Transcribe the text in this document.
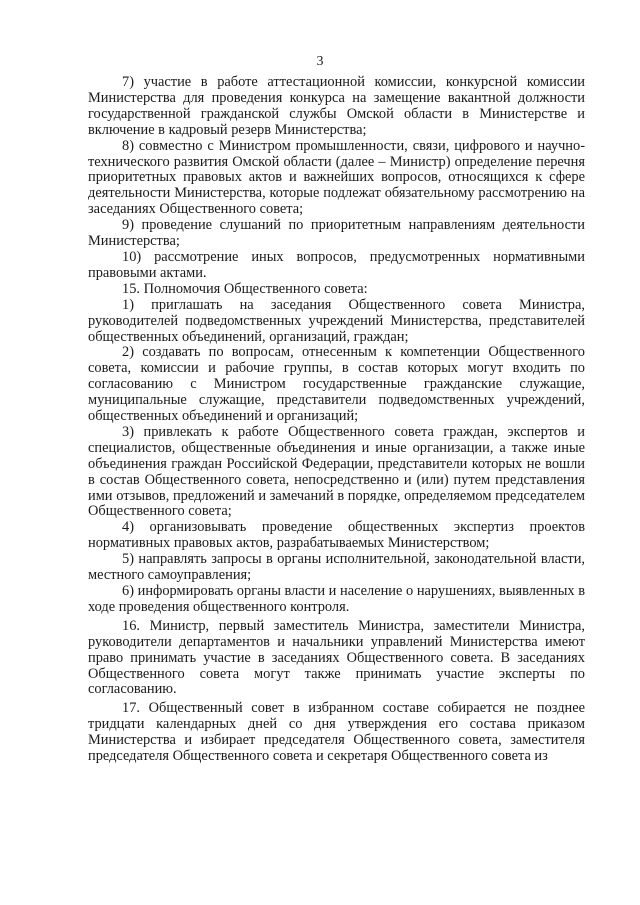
3

7) участие в работе аттестационной комиссии, конкурсной комиссии Министерства для проведения конкурса на замещение вакантной должности государственной гражданской службы Омской области в Министерстве и включение в кадровый резерв Министерства;

8) совместно с Министром промышленности, связи, цифрового и научно-технического развития Омской области (далее – Министр) определение перечня приоритетных правовых актов и важнейших вопросов, относящихся к сфере деятельности Министерства, которые подлежат обязательному рассмотрению на заседаниях Общественного совета;

9) проведение слушаний по приоритетным направлениям деятельности Министерства;

10) рассмотрение иных вопросов, предусмотренных нормативными правовыми актами.

15. Полномочия Общественного совета:

1) приглашать на заседания Общественного совета Министра, руководителей подведомственных учреждений Министерства, представителей общественных объединений, организаций, граждан;

2) создавать по вопросам, отнесенным к компетенции Общественного совета, комиссии и рабочие группы, в состав которых могут входить по согласованию с Министром государственные гражданские служащие, муниципальные служащие, представители подведомственных учреждений, общественных объединений и организаций;

3) привлекать к работе Общественного совета граждан, экспертов и специалистов, общественные объединения и иные организации, а также иные объединения граждан Российской Федерации, представители которых не вошли в состав Общественного совета, непосредственно и (или) путем представления ими отзывов, предложений и замечаний в порядке, определяемом председателем Общественного совета;

4) организовывать проведение общественных экспертиз проектов нормативных правовых актов, разрабатываемых Министерством;

5) направлять запросы в органы исполнительной, законодательной власти, местного самоуправления;

6) информировать органы власти и население о нарушениях, выявленных в ходе проведения общественного контроля.

16. Министр, первый заместитель Министра, заместители Министра, руководители департаментов и начальники управлений Министерства имеют право принимать участие в заседаниях Общественного совета. В заседаниях Общественного совета могут также принимать участие эксперты по согласованию.

17. Общественный совет в избранном составе собирается не позднее тридцати календарных дней со дня утверждения его состава приказом Министерства и избирает председателя Общественного совета, заместителя председателя Общественного совета и секретаря Общественного совета из
